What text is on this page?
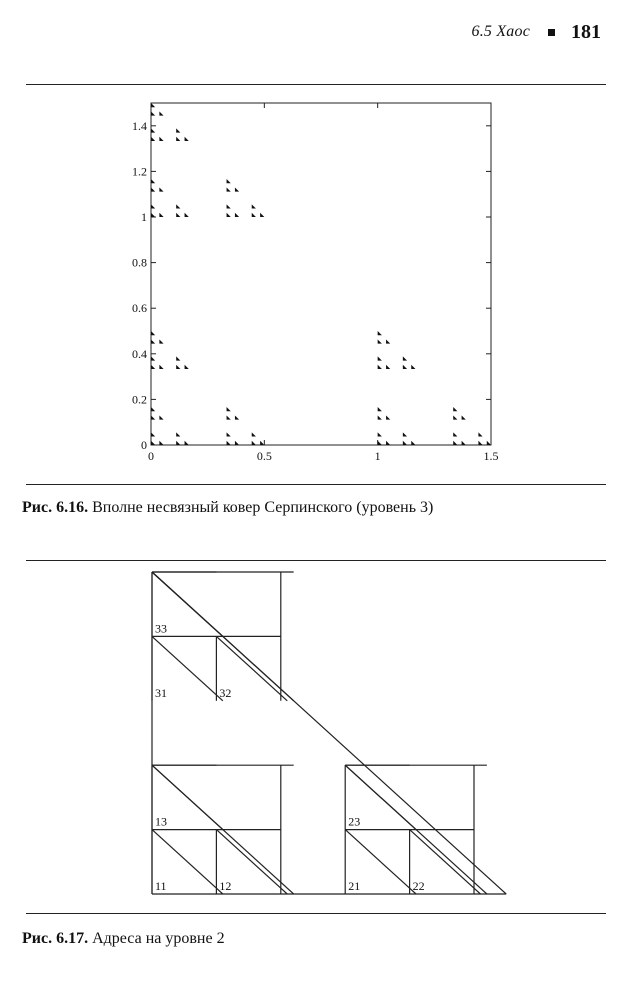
6.5 Хаос 181
0	0.5	1	1.5
0
0.2
0.4
0.6
0.8
1
1.2
1.4
Рис. 6.16. Вполне несвязный ковер Серпинского (уровень 3)
11	12
13
21	22
23
31	32
33
Рис. 6.17. Адреса на уровне 2
